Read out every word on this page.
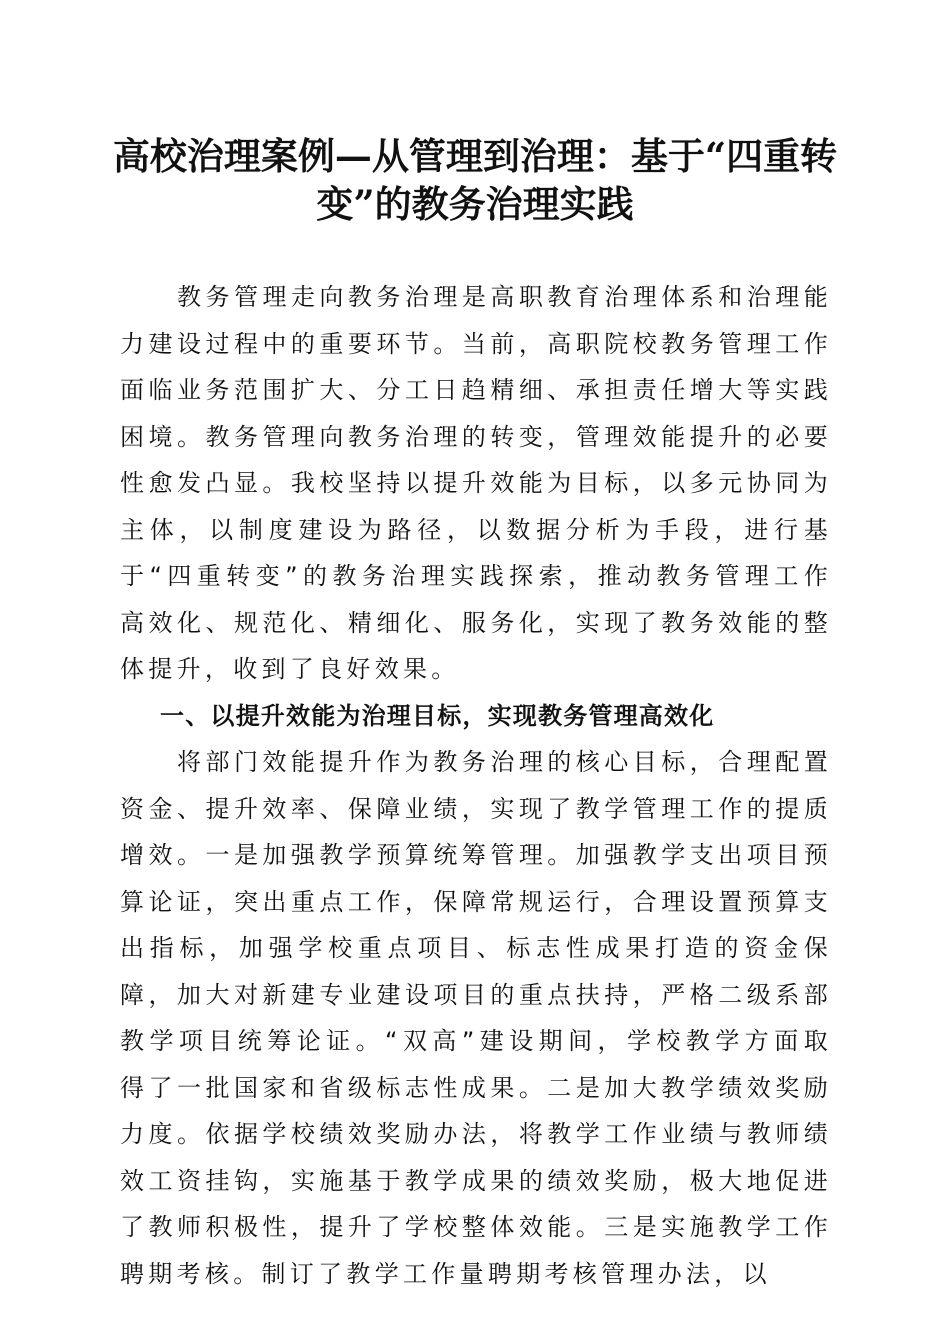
高校治理案例—从管理到治理：基于“四重转
变”的教务治理实践

教务管理走向教务治理是高职教育治理体系和治理能力建设过程中的重要环节。当前，高职院校教务管理工作面临业务范围扩大、分工日趋精细、承担责任增大等实践困境。教务管理向教务治理的转变，管理效能提升的必要性愈发凸显。我校坚持以提升效能为目标，以多元协同为主体，以制度建设为路径，以数据分析为手段，进行基于“四重转变”的教务治理实践探索，推动教务管理工作高效化、规范化、精细化、服务化，实现了教务效能的整体提升，收到了良好效果。

一、以提升效能为治理目标，实现教务管理高效化

将部门效能提升作为教务治理的核心目标，合理配置资金、提升效率、保障业绩，实现了教学管理工作的提质增效。一是加强教学预算统筹管理。加强教学支出项目预算论证，突出重点工作，保障常规运行，合理设置预算支出指标，加强学校重点项目、标志性成果打造的资金保障，加大对新建专业建设项目的重点扶持，严格二级系部教学项目统筹论证。“双高”建设期间，学校教学方面取得了一批国家和省级标志性成果。二是加大教学绩效奖励力度。依据学校绩效奖励办法，将教学工作业绩与教师绩效工资挂钩，实施基于教学成果的绩效奖励，极大地促进了教师积极性，提升了学校整体效能。三是实施教学工作聘期考核。制订了教学工作量聘期考核管理办法，以
